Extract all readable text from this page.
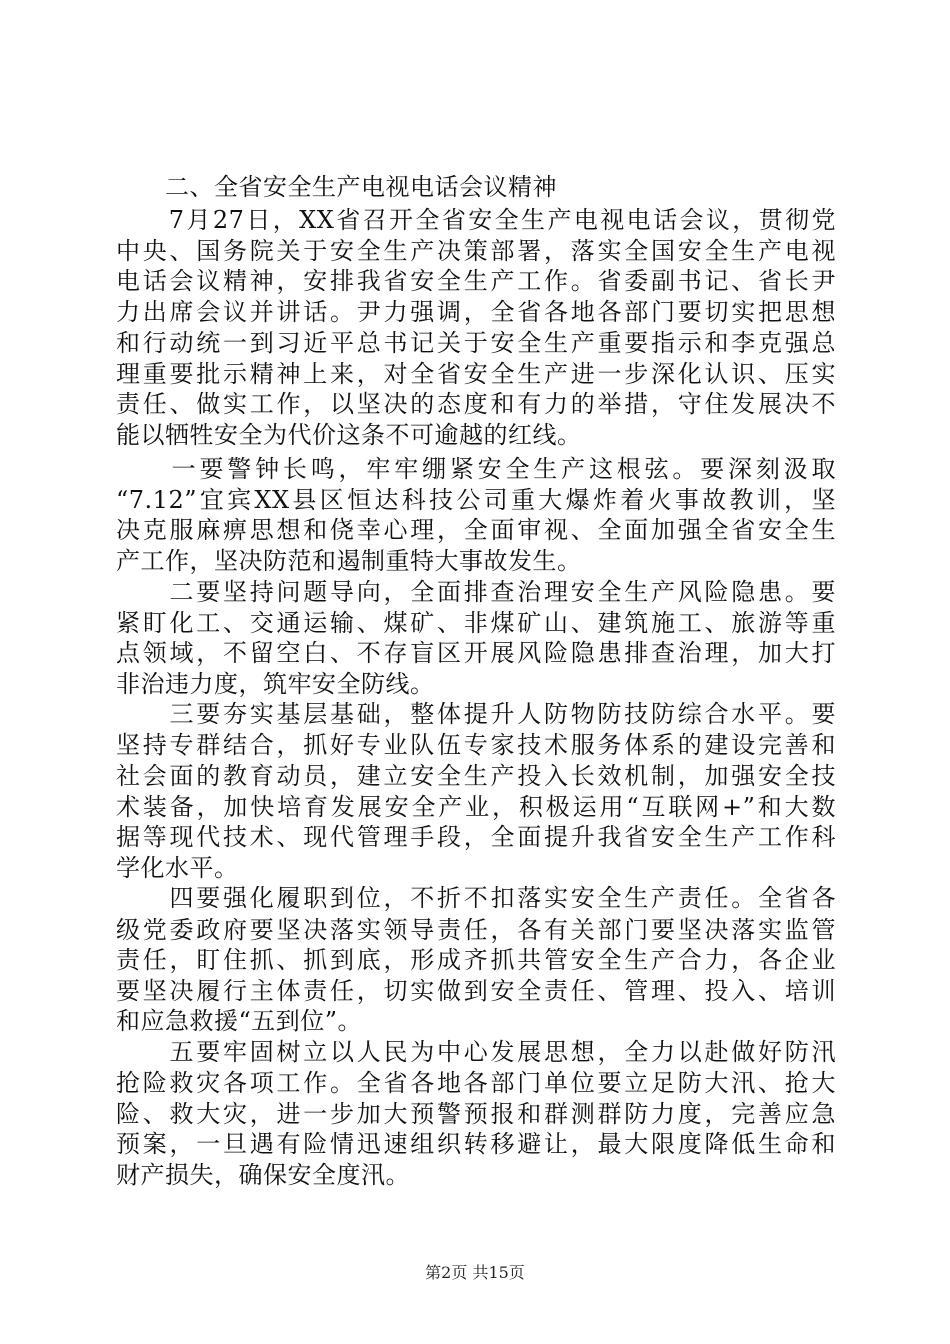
　　二、全省安全生产电视电话会议精神
　　7月27日，XX省召开全省安全生产电视电话会议，贯彻党
中央、国务院关于安全生产决策部署，落实全国安全生产电视
电话会议精神，安排我省安全生产工作。省委副书记、省长尹
力出席会议并讲话。尹力强调，全省各地各部门要切实把思想
和行动统一到习近平总书记关于安全生产重要指示和李克强总
理重要批示精神上来，对全省安全生产进一步深化认识、压实
责任、做实工作，以坚决的态度和有力的举措，守住发展决不
能以牺牲安全为代价这条不可逾越的红线。
　　一要警钟长鸣，牢牢绷紧安全生产这根弦。要深刻汲取
“7.12”宜宾XX县区恒达科技公司重大爆炸着火事故教训，坚
决克服麻痹思想和侥幸心理，全面审视、全面加强全省安全生
产工作，坚决防范和遏制重特大事故发生。
　　二要坚持问题导向，全面排查治理安全生产风险隐患。要
紧盯化工、交通运输、煤矿、非煤矿山、建筑施工、旅游等重
点领域，不留空白、不存盲区开展风险隐患排查治理，加大打
非治违力度，筑牢安全防线。
　　三要夯实基层基础，整体提升人防物防技防综合水平。要
坚持专群结合，抓好专业队伍专家技术服务体系的建设完善和
社会面的教育动员，建立安全生产投入长效机制，加强安全技
术装备，加快培育发展安全产业，积极运用“互联网+”和大数
据等现代技术、现代管理手段，全面提升我省安全生产工作科
学化水平。
　　四要强化履职到位，不折不扣落实安全生产责任。全省各
级党委政府要坚决落实领导责任，各有关部门要坚决落实监管
责任，盯住抓、抓到底，形成齐抓共管安全生产合力，各企业
要坚决履行主体责任，切实做到安全责任、管理、投入、培训
和应急救援“五到位”。
　　五要牢固树立以人民为中心发展思想，全力以赴做好防汛
抢险救灾各项工作。全省各地各部门单位要立足防大汛、抢大
险、救大灾，进一步加大预警预报和群测群防力度，完善应急
预案，一旦遇有险情迅速组织转移避让，最大限度降低生命和
财产损失，确保安全度汛。
第2页 共15页
